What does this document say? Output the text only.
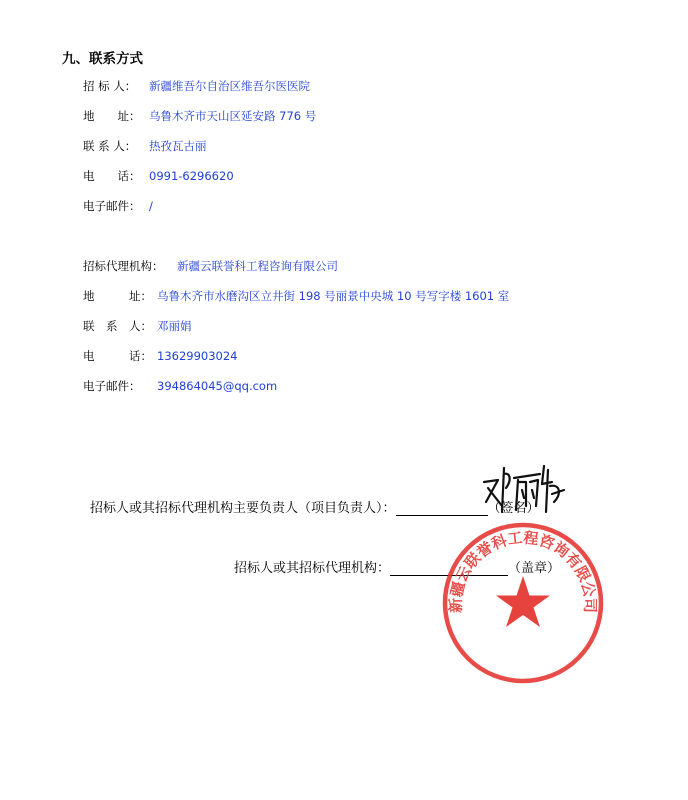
九、联系方式
招 标 人： 新疆维吾尔自治区维吾尔医医院
地　　址： 乌鲁木齐市天山区延安路 776 号
联 系 人： 热孜瓦古丽
电　　话： 0991-6296620
电子邮件： /
招标代理机构： 新疆云联誉科工程咨询有限公司
地　　　址： 乌鲁木齐市水磨沟区立井街 198 号丽景中央城 10 号写字楼 1601 室
联　系　人： 邓丽娟
电　　　话： 13629903024
电子邮件： 394864045@qq.com
招标人或其招标代理机构主要负责人（项目负责人）：	（签名）
招标人或其招标代理机构：	（盖章）
新疆云联誉科工程咨询有限公司
